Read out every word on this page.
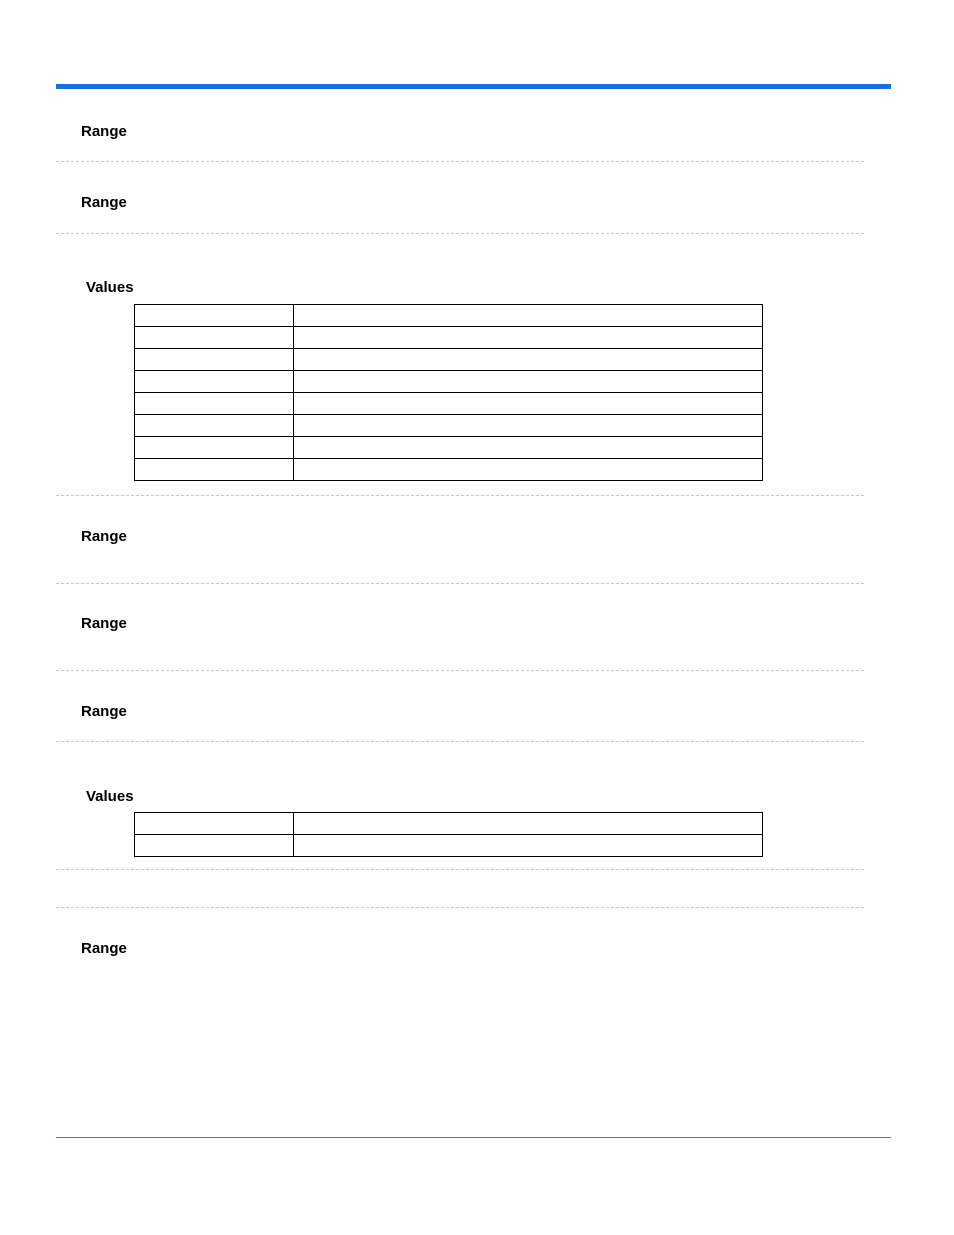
Range
Range
Values

Range
Range
Range
Values

Range
